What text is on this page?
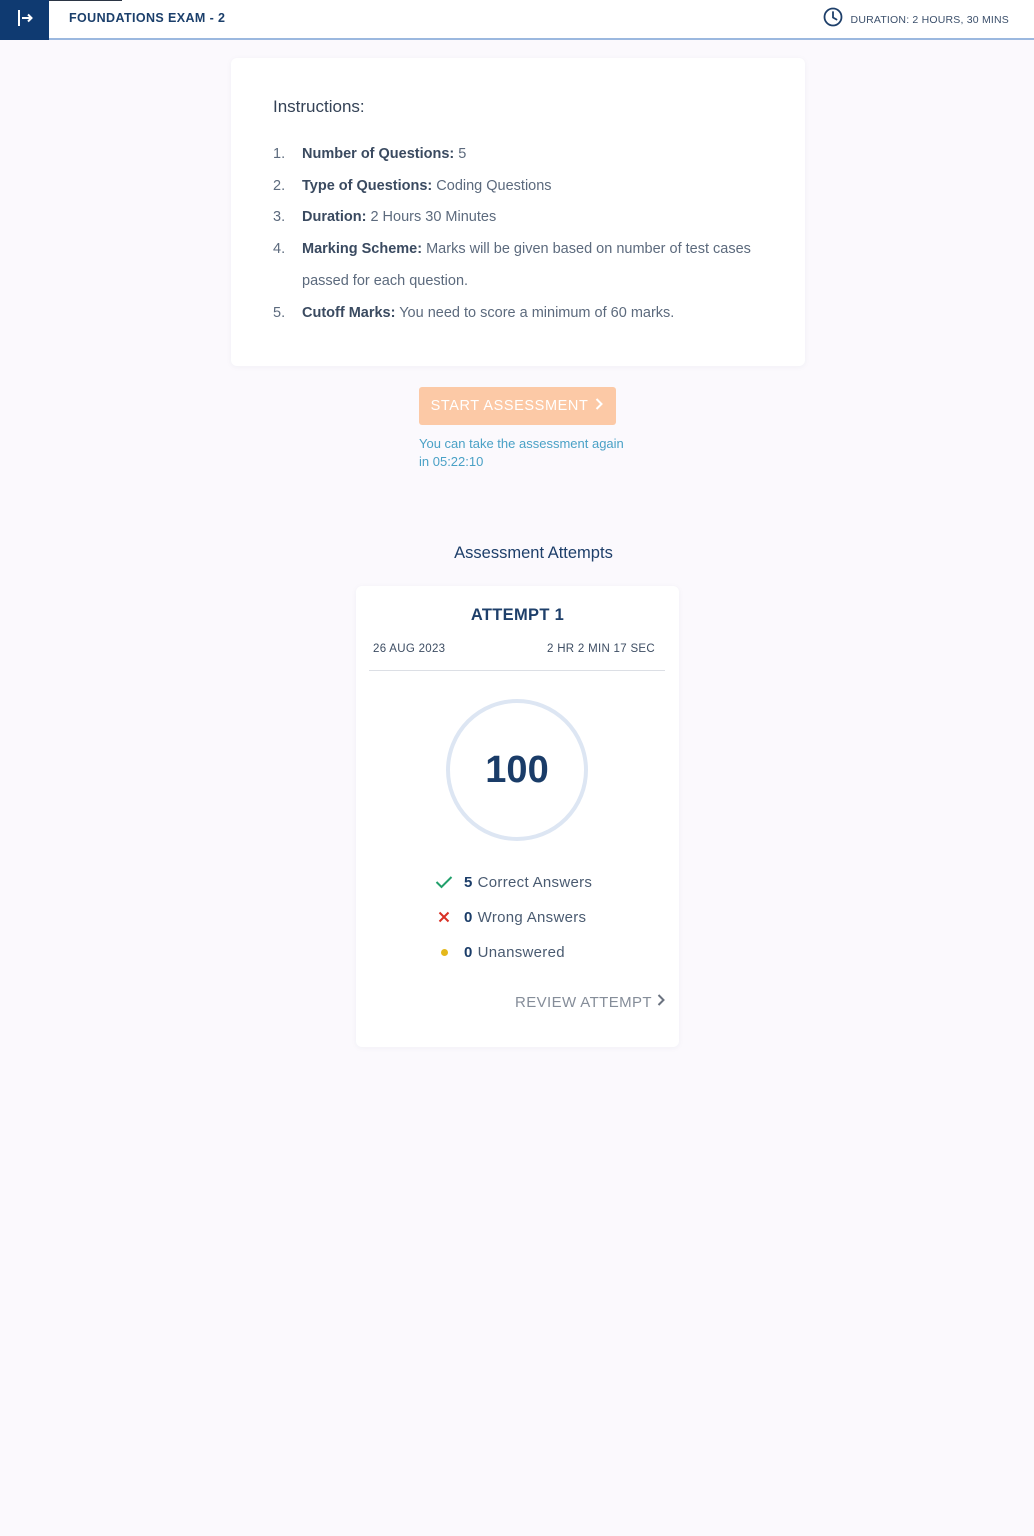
FOUNDATIONS EXAM - 2	DURATION: 2 HOURS, 30 MINS
Instructions:
1. Number of Questions: 5
2. Type of Questions: Coding Questions
3. Duration: 2 Hours 30 Minutes
4. Marking Scheme: Marks will be given based on number of test cases passed for each question.
5. Cutoff Marks: You need to score a minimum of 60 marks.
START ASSESSMENT
You can take the assessment again in 05:22:10
Assessment Attempts
ATTEMPT 1
26 AUG 2023	2 HR 2 MIN 17 SEC
100
5 Correct Answers
0 Wrong Answers
0 Unanswered
REVIEW ATTEMPT
